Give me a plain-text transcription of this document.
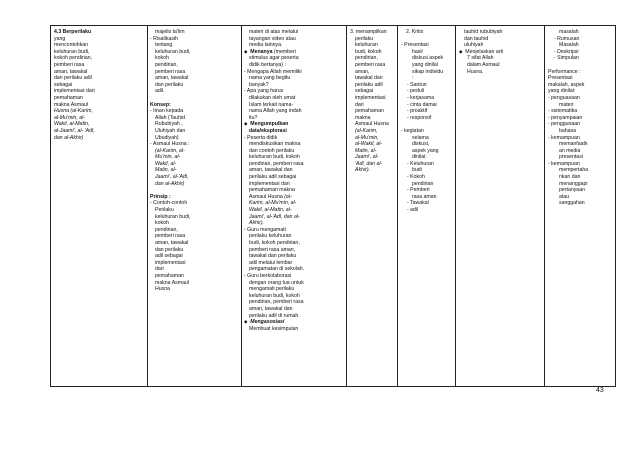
4.3 Berperilaku

yang

mencontohkan

keluhuran budi,

kokoh pendirian,

pemberi rasa

aman, tawakal

dan perilaku adil

sebagai

implementasi dari

pemahaman

makna Asmaul

Husna (al-Karim,

al-Mu'min, al-

Wakil, al-Matin,

al-Jaami', al- 'Adl,

dan al-Akhir)

majelis ta'lim

- Risalikasih

tentang

keluhuran budi,

kokoh

pendirian,

pemberi rasa

aman, tawakal

dan perilaku

adil.

Konsep:

- Iman kepada

Allah (Tauhid

Rububiyah ,

Uluhiyah dan

Ubudiyah)

- Asmaul Husna :

(al-Karim, al-

Mu'min, al-

Wakil, al-

Matin, al-

Jaami', al-'Adl,

dan al-Akhir)

Prinsip :

- Contoh-contoh

Perilaku

keluhuran budi,

kokoh

pendirian,

pemberi rasa

aman, tawakal

dan perilaku

adil sebagai

implementasi

dari

pemahaman

makna Asmaul

Husna

materi di atas melalui

tayangan video atau

media lainnya.

◆ Menanya (memberi

stimulus agar peserta

didik bertanya) :

- Mengapa Allah memiliki

nama yang begitu

banyak?

- Apa yang harus

dilakukan oleh umat

Islam terkait nama-

nama Allah yang indah

itu?

◆ Mengumpulkan

data/eksplorasi

- Peserta didik

mendiskusikan makna

dan contoh perilaku

keluhuran budi, kokoh

pendirian, pemberi rasa

aman, tawakal dan

perilaku adil sebagai

implementasi dari

pemahaman makna

Asmaul Husna (al-

Karim, al-Mu'min, al-

Wakil, al-Matin, al-

Jaami', al-'Adl, dan al-

Akhir).

- Guru mengamati

perilaku keluhuran

budi, kokoh pendirian,

pemberi rasa aman,

tawakal dan perilaku

adil melalui lembar

pengamatan di sekolah.

- Guru berkolaborasi

dengan orang tua untuk

mengamati perilaku

keluhuran budi, kokoh

pendirian, pemberi rasa

aman, tawakal dan

perilaku adil di rumah.

◆ Mengasosiasi

Membuat kesimpulan

3. menampilkan

perilaku

keluhuran

budi, kokoh

pendirian,

pemberi rasa

aman,

tawakal dan

perilaku adil

sebagai

implementasi

dari

pemahaman

makna

Asmaul Husna

(al-Karim,

al-Mu'min,

al-Wakil, al-

Matin, al-

Jaami', al-

'Adl, dan al-

Akhir).

2. Kritis

- Presentasi

hasil

diskusi aspek

yang dinilai

sikap individu

:

- Santun

- peduli

- kerjasama

- cinta damai

- proaktif

- responsif

- kegiatan

selama

diskusi,

aspek yang

dinilai:

- Keluhuran

budi

- Kokoh

pendirian

- Pemberi

rasa aman

- Tawakal

- adil

tauhid rububiyah

dan tauhid

uluhiyah

◆ Menjelaskan arti

7 sifat Allah

dalam Asmaul

Husna.

masalah

- Rumusan

Masalah

- Deskripsi

- Simpulan

Performance :

Presentasi

makalah, aspek

yang dinilai:

- penguasaan

materi

- sistematika

- penyampaian

- penggunaan

bahasa

- kemampuan

memanfaatk

an media

presentasi

- kemampuan

mempertaha

nkan dan

menanggapi

pertanyaan

atau

sanggahan

43
